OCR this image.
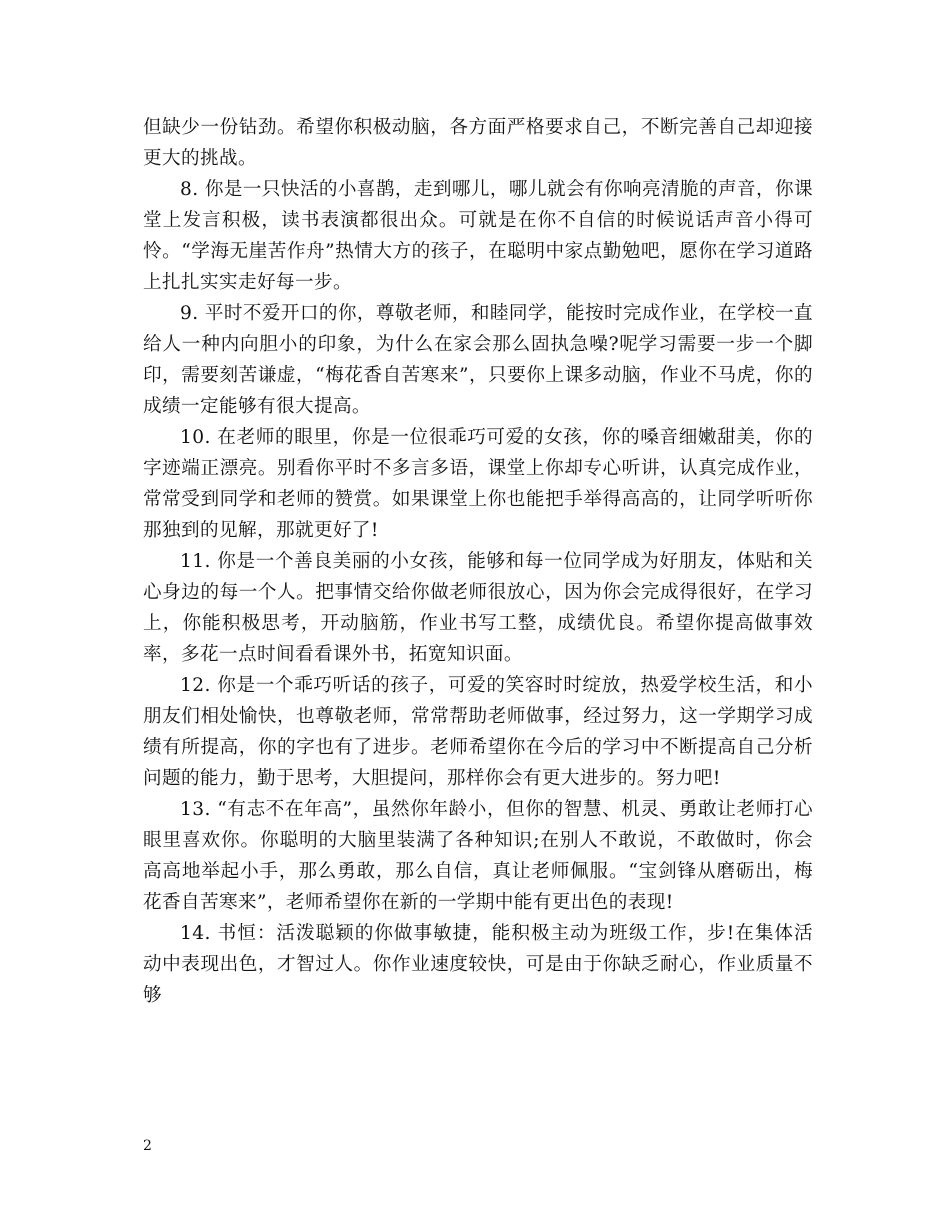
但缺少一份钻劲。希望你积极动脑，各方面严格要求自己，不断完善自己却迎接更大的挑战。

8. 你是一只快活的小喜鹊，走到哪儿，哪儿就会有你响亮清脆的声音，你课堂上发言积极，读书表演都很出众。可就是在你不自信的时候说话声音小得可怜。“学海无崖苦作舟”热情大方的孩子，在聪明中家点勤勉吧，愿你在学习道路上扎扎实实走好每一步。

9. 平时不爱开口的你，尊敬老师，和睦同学，能按时完成作业，在学校一直给人一种内向胆小的印象，为什么在家会那么固执急噪?呢学习需要一步一个脚印，需要刻苦谦虚，“梅花香自苦寒来”，只要你上课多动脑，作业不马虎，你的成绩一定能够有很大提高。

10. 在老师的眼里，你是一位很乖巧可爱的女孩，你的嗓音细嫩甜美，你的字迹端正漂亮。别看你平时不多言多语，课堂上你却专心听讲，认真完成作业，常常受到同学和老师的赞赏。如果课堂上你也能把手举得高高的，让同学听听你那独到的见解，那就更好了!

11. 你是一个善良美丽的小女孩，能够和每一位同学成为好朋友，体贴和关心身边的每一个人。把事情交给你做老师很放心，因为你会完成得很好，在学习上，你能积极思考，开动脑筋，作业书写工整，成绩优良。希望你提高做事效率，多花一点时间看看课外书，拓宽知识面。

12. 你是一个乖巧听话的孩子，可爱的笑容时时绽放，热爱学校生活，和小朋友们相处愉快，也尊敬老师，常常帮助老师做事，经过努力，这一学期学习成绩有所提高，你的字也有了进步。老师希望你在今后的学习中不断提高自己分析问题的能力，勤于思考，大胆提问，那样你会有更大进步的。努力吧!

13. “有志不在年高”，虽然你年龄小，但你的智慧、机灵、勇敢让老师打心眼里喜欢你。你聪明的大脑里装满了各种知识;在别人不敢说，不敢做时，你会高高地举起小手，那么勇敢，那么自信，真让老师佩服。“宝剑锋从磨砺出，梅花香自苦寒来”，老师希望你在新的一学期中能有更出色的表现!

14. 书恒：活泼聪颖的你做事敏捷，能积极主动为班级工作，步!在集体活动中表现出色，才智过人。你作业速度较快，可是由于你缺乏耐心，作业质量不够

2
